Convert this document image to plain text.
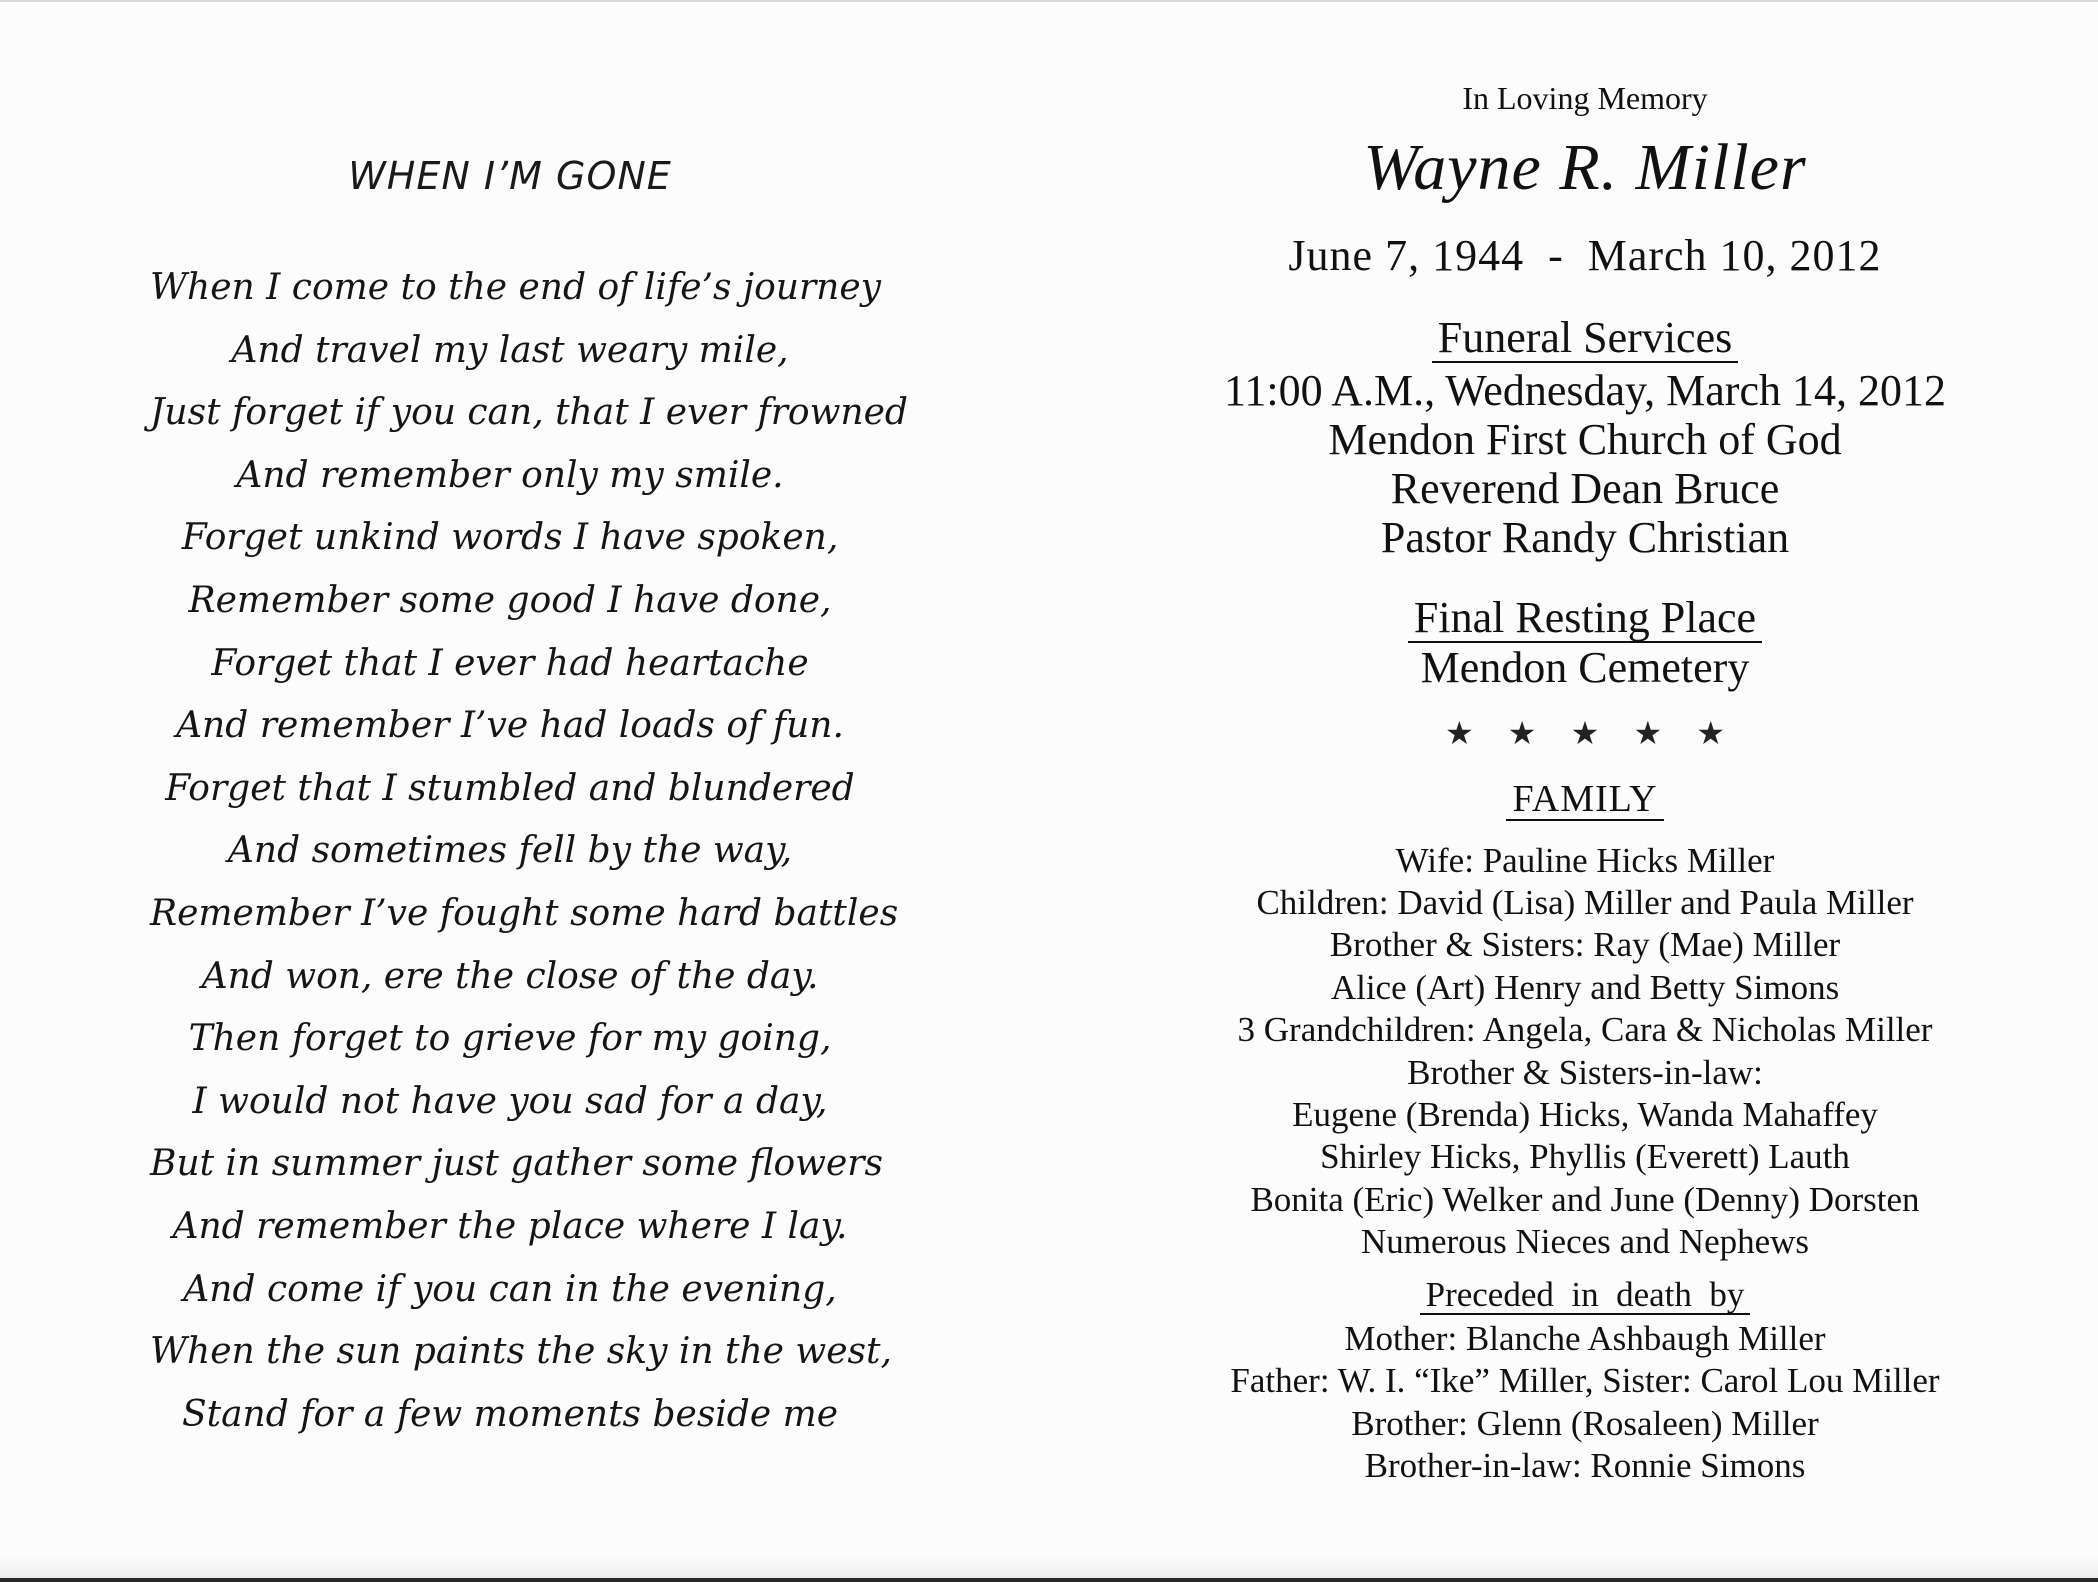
WHEN I’M GONE
When I come to the end of life’s journey
And travel my last weary mile,
Just forget if you can, that I ever frowned
And remember only my smile.
Forget unkind words I have spoken,
Remember some good I have done,
Forget that I ever had heartache
And remember I’ve had loads of fun.
Forget that I stumbled and blundered
And sometimes fell by the way,
Remember I’ve fought some hard battles
And won, ere the close of the day.
Then forget to grieve for my going,
I would not have you sad for a day,
But in summer just gather some flowers
And remember the place where I lay.
And come if you can in the evening,
When the sun paints the sky in the west,
Stand for a few moments beside me
In Loving Memory
Wayne R. Miller
June 7, 1944  -  March 10, 2012
Funeral Services
11:00 A.M., Wednesday, March 14, 2012
Mendon First Church of God
Reverend Dean Bruce
Pastor Randy Christian
Final Resting Place
Mendon Cemetery
★ ★ ★ ★ ★
FAMILY
Wife: Pauline Hicks Miller
Children: David (Lisa) Miller and Paula Miller
Brother & Sisters: Ray (Mae) Miller
Alice (Art) Henry and Betty Simons
3 Grandchildren: Angela, Cara & Nicholas Miller
Brother & Sisters-in-law:
Eugene (Brenda) Hicks, Wanda Mahaffey
Shirley Hicks, Phyllis (Everett) Lauth
Bonita (Eric) Welker and June (Denny) Dorsten
Numerous Nieces and Nephews
Preceded  in  death  by
Mother: Blanche Ashbaugh Miller
Father: W. I. “Ike” Miller, Sister: Carol Lou Miller
Brother: Glenn (Rosaleen) Miller
Brother-in-law: Ronnie Simons
